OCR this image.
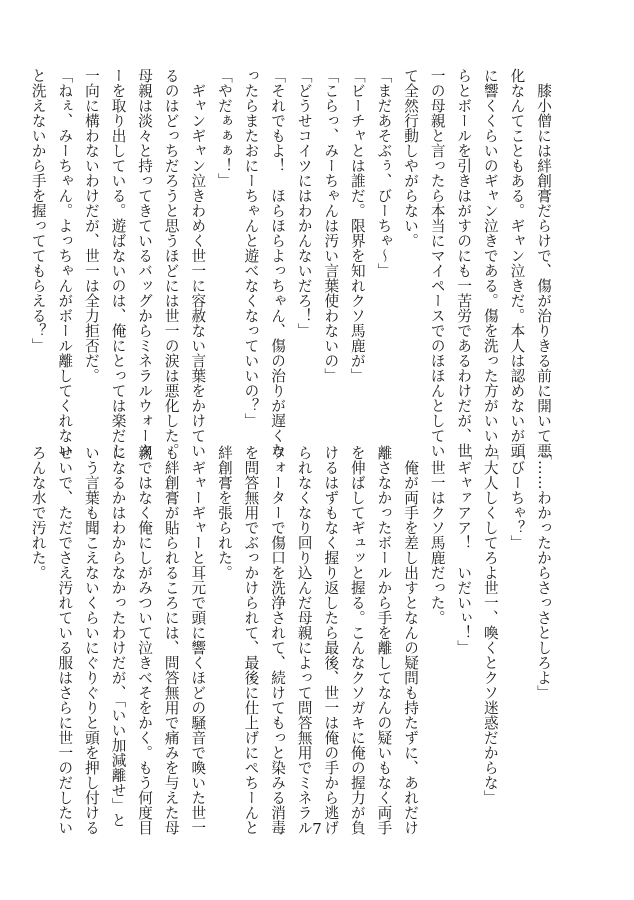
　膝小僧には絆創膏だらけで、傷が治りきる前に開いて悪
化なんてこともある。ギャン泣きだ。本人は認めないが頭
に響くくらいのギャン泣きである。傷を洗った方がいいか
らとボールを引きはがすのにも一苦労であるわけだが、世
一の母親と言ったら本当にマイペースでのほほんとしてい
て全然行動しやがらない。
「まだあそぶぅ、びーちゃ～」
「ビーチャとは誰だ。限界を知れクソ馬鹿が」
「こらっ、みーちゃんは汚い言葉使わないの」
「どうせコイツにはわかんないだろ！」
「それでもよ！　ほらほらよっちゃん、傷の治りが遅くな
ったらまたおにーちゃんと遊べなくなっていいの？」
「やだぁぁぁ！」
　ギャンギャン泣きわめく世一に容赦ない言葉をかけてい
るのはどっちだろうと思うほどには世一の涙は悪化した。
母親は淡々と持ってきているバッグからミネラルウォータ
ーを取り出している。遊ばないのは、俺にとっては楽だし
一向に構わないわけだが、世一は全力拒否だ。
「ねぇ、みーちゃん。よっちゃんがボール離してくれない
と洗えないから手を握っててもらえる？」
「……わかったからさっさとしろよ」
「びーちゃ？」
「大人しくしてろよ世一、喚くとクソ迷惑だからな」
「ギャァアア！　いだいぃ！」
　世一はクソ馬鹿だった。
　俺が両手を差し出すとなんの疑問も持たずに、あれだけ
離さなかったボールから手を離してなんの疑いもなく両手
を伸ばしてギュッと握る。こんなクソガキに俺の握力が負
けるはずもなく握り返したら最後、世一は俺の手から逃げ
られなくなり回り込んだ母親によって問答無用でミネラル
ウォーターで傷口を洗浄されて、続けてもっと染みる消毒
を問答無用でぶっかけられて、最後に仕上げにぺちーんと
絆創膏を張られた。
　ギャーギャーと耳元で頭に響くほどの騒音で喚いた世一
も絆創膏が貼られるころには、問答無用で痛みを与えた母
親ではなく俺にしがみついて泣きべそをかく。もう何度目
になるかはわからなかったわけだが、「いい加減離せ」と
いう言葉も聞こえないくらいにぐりぐりと頭を押し付ける
せいで、ただでさえ汚れている服はさらに世一のだしたい
ろんな水で汚れた。
7
